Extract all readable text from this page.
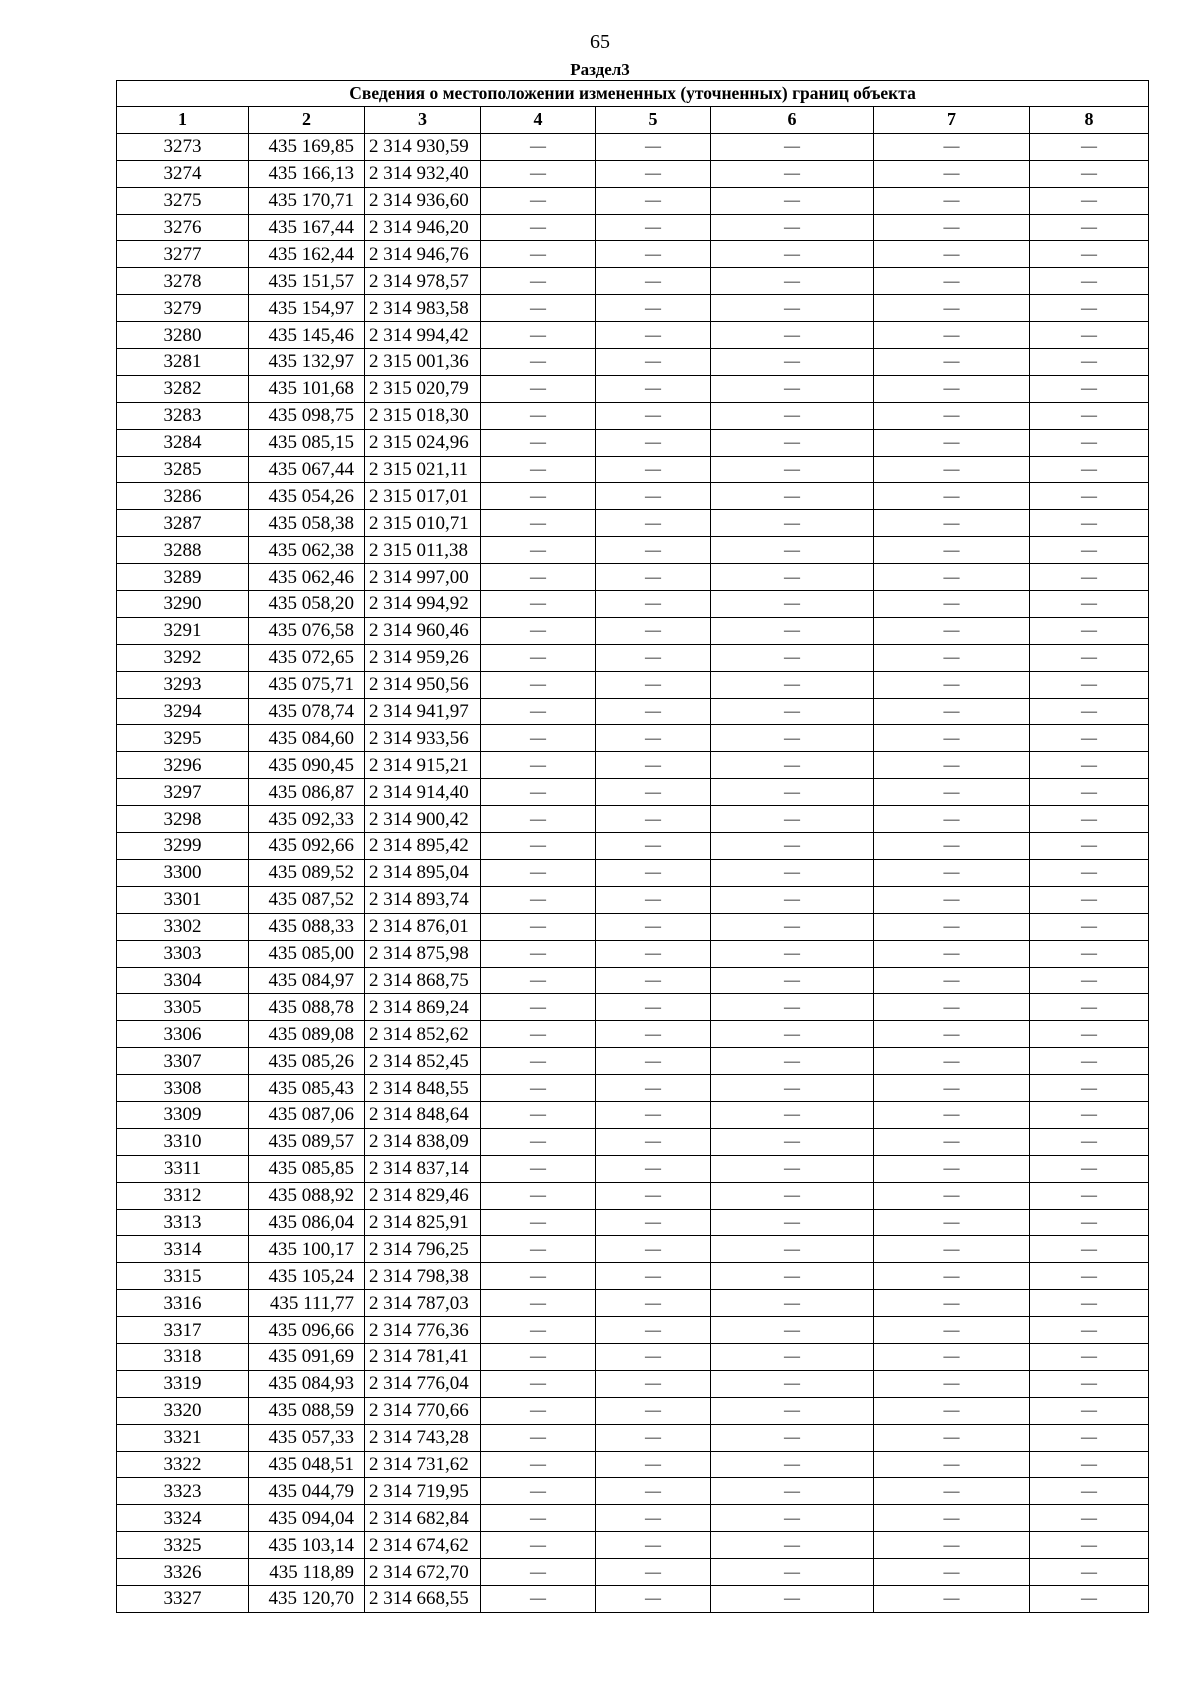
65
Раздел3
Сведения о местоположении измененных (уточненных) границ объекта							
1	2	3	4	5	6	7	8
3273	435 169,85	2 314 930,59	—	—	—	—	—
3274	435 166,13	2 314 932,40	—	—	—	—	—
3275	435 170,71	2 314 936,60	—	—	—	—	—
3276	435 167,44	2 314 946,20	—	—	—	—	—
3277	435 162,44	2 314 946,76	—	—	—	—	—
3278	435 151,57	2 314 978,57	—	—	—	—	—
3279	435 154,97	2 314 983,58	—	—	—	—	—
3280	435 145,46	2 314 994,42	—	—	—	—	—
3281	435 132,97	2 315 001,36	—	—	—	—	—
3282	435 101,68	2 315 020,79	—	—	—	—	—
3283	435 098,75	2 315 018,30	—	—	—	—	—
3284	435 085,15	2 315 024,96	—	—	—	—	—
3285	435 067,44	2 315 021,11	—	—	—	—	—
3286	435 054,26	2 315 017,01	—	—	—	—	—
3287	435 058,38	2 315 010,71	—	—	—	—	—
3288	435 062,38	2 315 011,38	—	—	—	—	—
3289	435 062,46	2 314 997,00	—	—	—	—	—
3290	435 058,20	2 314 994,92	—	—	—	—	—
3291	435 076,58	2 314 960,46	—	—	—	—	—
3292	435 072,65	2 314 959,26	—	—	—	—	—
3293	435 075,71	2 314 950,56	—	—	—	—	—
3294	435 078,74	2 314 941,97	—	—	—	—	—
3295	435 084,60	2 314 933,56	—	—	—	—	—
3296	435 090,45	2 314 915,21	—	—	—	—	—
3297	435 086,87	2 314 914,40	—	—	—	—	—
3298	435 092,33	2 314 900,42	—	—	—	—	—
3299	435 092,66	2 314 895,42	—	—	—	—	—
3300	435 089,52	2 314 895,04	—	—	—	—	—
3301	435 087,52	2 314 893,74	—	—	—	—	—
3302	435 088,33	2 314 876,01	—	—	—	—	—
3303	435 085,00	2 314 875,98	—	—	—	—	—
3304	435 084,97	2 314 868,75	—	—	—	—	—
3305	435 088,78	2 314 869,24	—	—	—	—	—
3306	435 089,08	2 314 852,62	—	—	—	—	—
3307	435 085,26	2 314 852,45	—	—	—	—	—
3308	435 085,43	2 314 848,55	—	—	—	—	—
3309	435 087,06	2 314 848,64	—	—	—	—	—
3310	435 089,57	2 314 838,09	—	—	—	—	—
3311	435 085,85	2 314 837,14	—	—	—	—	—
3312	435 088,92	2 314 829,46	—	—	—	—	—
3313	435 086,04	2 314 825,91	—	—	—	—	—
3314	435 100,17	2 314 796,25	—	—	—	—	—
3315	435 105,24	2 314 798,38	—	—	—	—	—
3316	435 111,77	2 314 787,03	—	—	—	—	—
3317	435 096,66	2 314 776,36	—	—	—	—	—
3318	435 091,69	2 314 781,41	—	—	—	—	—
3319	435 084,93	2 314 776,04	—	—	—	—	—
3320	435 088,59	2 314 770,66	—	—	—	—	—
3321	435 057,33	2 314 743,28	—	—	—	—	—
3322	435 048,51	2 314 731,62	—	—	—	—	—
3323	435 044,79	2 314 719,95	—	—	—	—	—
3324	435 094,04	2 314 682,84	—	—	—	—	—
3325	435 103,14	2 314 674,62	—	—	—	—	—
3326	435 118,89	2 314 672,70	—	—	—	—	—
3327	435 120,70	2 314 668,55	—	—	—	—	—
